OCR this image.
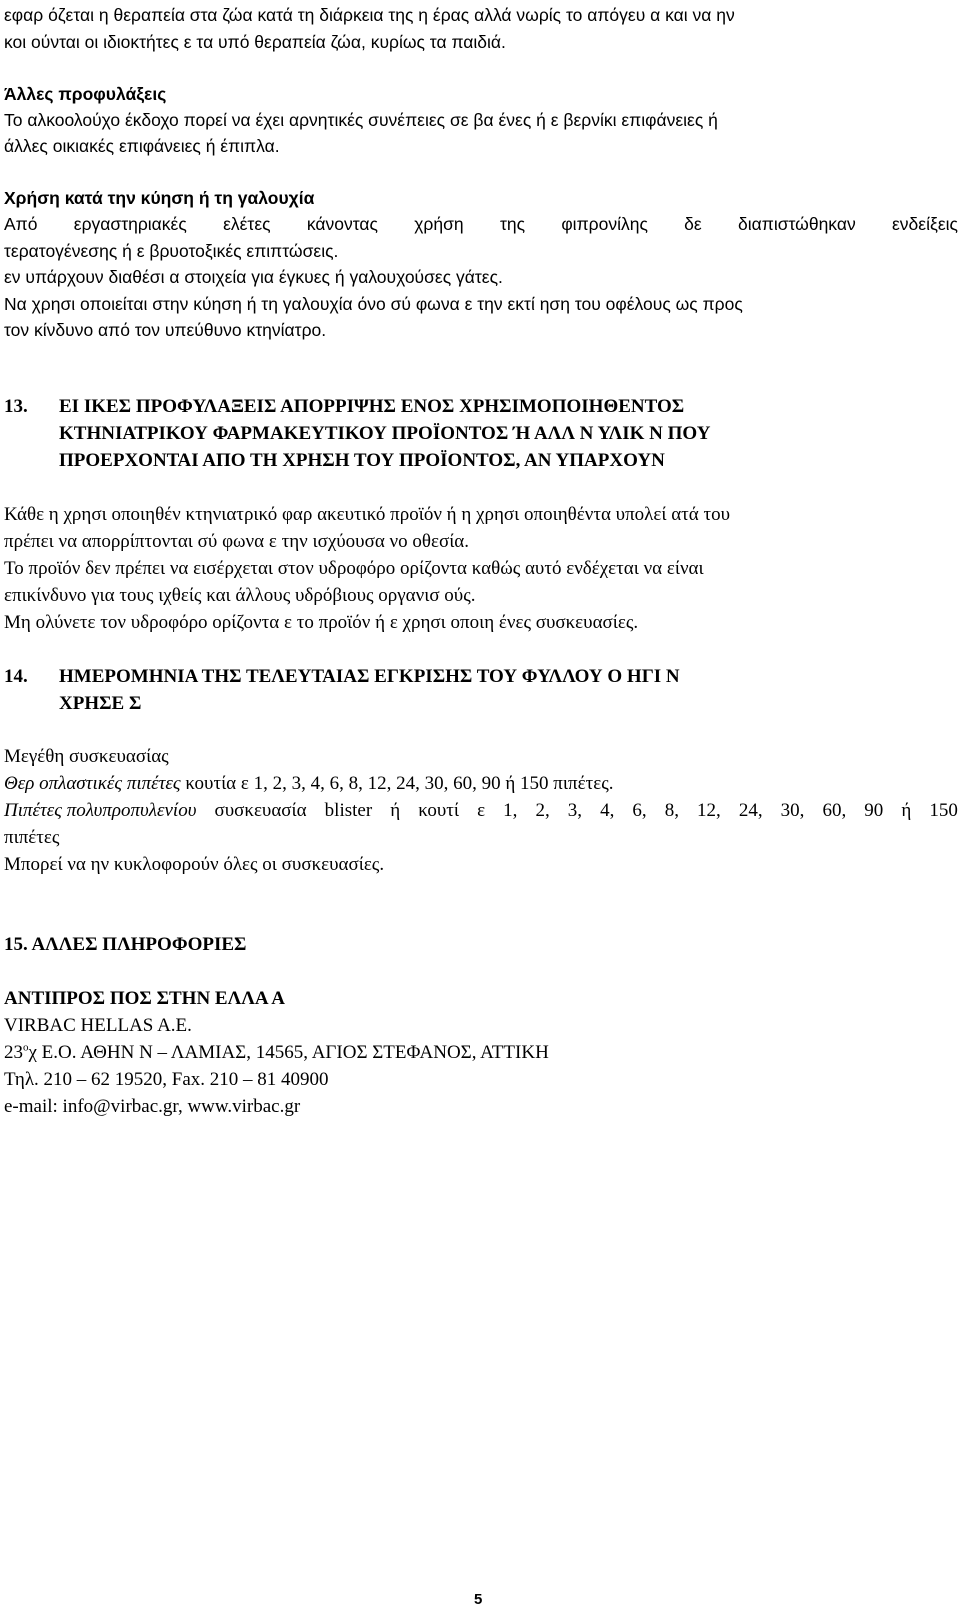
εφαρ όζεται η θεραπεία στα ζώα κατά τη διάρκεια της η έρας αλλά νωρίς το απόγευ α και να ην
κοι ούνται οι ιδιοκτήτες ε τα υπό θεραπεία ζώα, κυρίως τα παιδιά.
Άλλες προφυλάξεις
Το αλκοολούχο έκδοχο πορεί να έχει αρνητικές συνέπειες σε βα ένες ή ε βερνίκι επιφάνειες ή
άλλες οικιακές επιφάνειες ή έπιπλα.
Χρήση κατά την κύηση ή τη γαλουχία
Από εργαστηριακές ελέτες κάνοντας χρήση της φιπρονίλης δε διαπιστώθηκαν ενδείξεις
τερατογένεσης ή ε βρυοτοξικές επιπτώσεις.
εν υπάρχουν διαθέσι α στοιχεία για έγκυες ή γαλουχούσες γάτες.
Να χρησι οποιείται στην κύηση ή τη γαλουχία όνο σύ φωνα ε την εκτί ηση του οφέλους ως προς
τον κίνδυνο από τον υπεύθυνο κτηνίατρο.
13. ΕΙ ΙΚΕΣ ΠΡΟΦΥΛΑΞΕΙΣ ΑΠΟΡΡΙΨΗΣ ΕΝΟΣ ΧΡΗΣΙΜΟΠΟΙΗΘΕΝΤΟΣ
ΚΤΗΝΙΑΤΡΙΚΟΥ ΦΑΡΜΑΚΕΥΤΙΚΟΥ ΠΡΟΪΟΝΤΟΣ Ή ΑΛΛ Ν ΥΛΙΚ Ν ΠΟΥ
ΠΡΟΕΡΧΟΝΤΑΙ ΑΠΟ ΤΗ ΧΡΗΣΗ ΤΟΥ ΠΡΟΪΟΝΤΟΣ, ΑΝ ΥΠΑΡΧΟΥΝ
Κάθε η χρησι οποιηθέν κτηνιατρικό φαρ ακευτικό προϊόν ή η χρησι οποιηθέντα υπολεί ατά του
πρέπει να απορρίπτονται σύ φωνα ε την ισχύουσα νο οθεσία.
Το προϊόν δεν πρέπει να εισέρχεται στον υδροφόρο ορίζοντα καθώς αυτό ενδέχεται να είναι
επικίνδυνο για τους ιχθείς και άλλους υδρόβιους οργανισ ούς.
Μη ολύνετε τον υδροφόρο ορίζοντα ε το προϊόν ή ε χρησι οποιη ένες συσκευασίες.
14. ΗΜΕΡΟΜΗΝΙΑ ΤΗΣ ΤΕΛΕΥΤΑΙΑΣ ΕΓΚΡΙΣΗΣ ΤΟΥ ΦΥΛΛΟΥ Ο ΗΓΙ Ν
ΧΡΗΣΕ Σ
Μεγέθη συσκευασίας
Θερ οπλαστικές πιπέτες κουτία ε 1, 2, 3, 4, 6, 8, 12, 24, 30, 60, 90 ή 150 πιπέτες.
Πιπέτες πολυπροπυλενίου συσκευασία blister ή κουτί ε 1, 2, 3, 4, 6, 8, 12, 24, 30, 60, 90 ή 150
πιπέτες
Μπορεί να ην κυκλοφορούν όλες οι συσκευασίες.
15. ΑΛΛΕΣ ΠΛΗΡΟΦΟΡΙΕΣ
ΑΝΤΙΠΡΟΣ ΠΟΣ ΣΤΗΝ ΕΛΛΑ Α
VIRBAC HELLAS A.E.
$23^o\chi$ Ε.Ο. ΑΘΗΝ Ν – ΛΑΜΙΑΣ, 14565, ΑΓΙΟΣ ΣΤΕΦΑΝΟΣ, ΑΤΤΙΚΗ
Τηλ. 210 – 62 19520, Fax. 210 – 81 40900
e-mail: info@virbac.gr, www.virbac.gr
5
